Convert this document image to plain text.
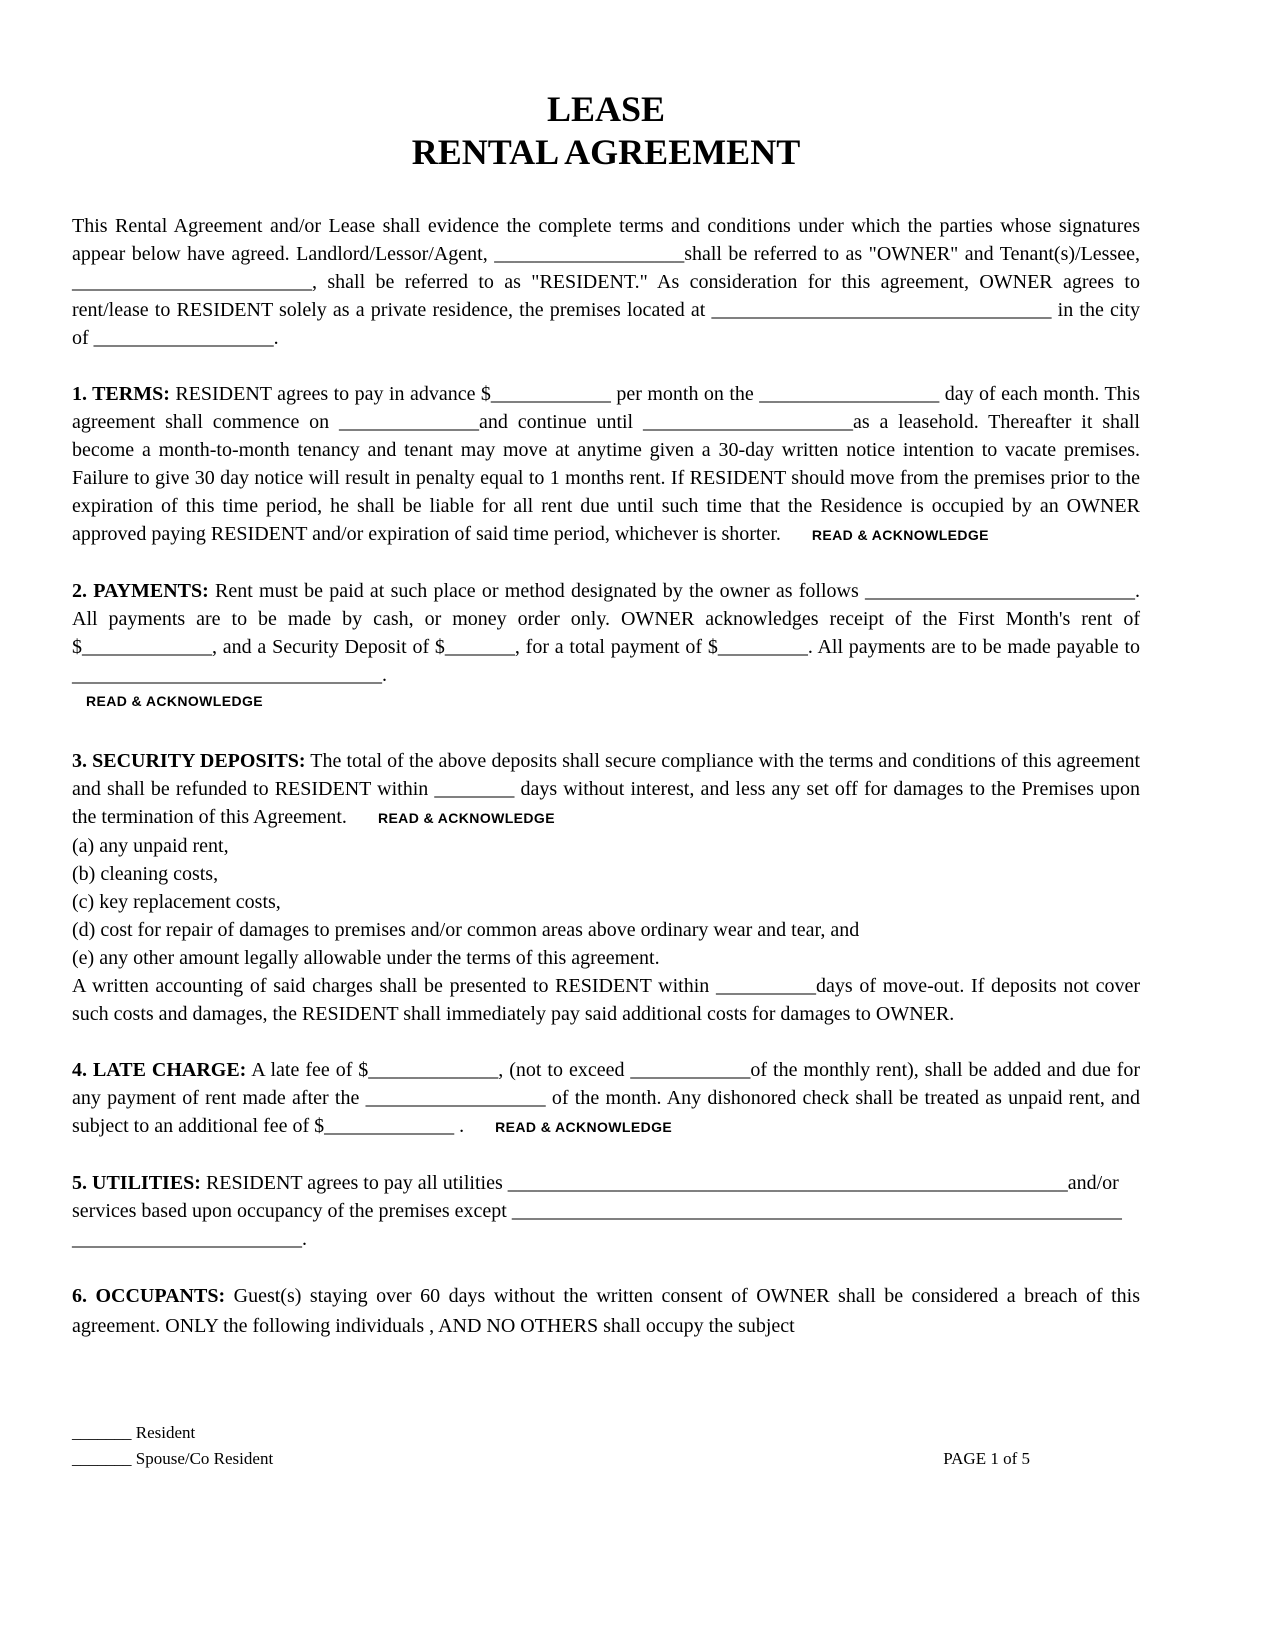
LEASE
RENTAL AGREEMENT

This Rental Agreement and/or Lease shall evidence the complete terms and conditions under which the parties whose signatures appear below have agreed. Landlord/Lessor/Agent, ___________________shall be referred to as "OWNER" and Tenant(s)/Lessee, ________________________, shall be referred to as "RESIDENT." As consideration for this agreement, OWNER agrees to rent/lease to RESIDENT solely as a private residence, the premises located at __________________________________ in the city of __________________.

1. TERMS: RESIDENT agrees to pay in advance $____________ per month on the __________________ day of each month. This agreement shall commence on ______________and continue until _____________________as a leasehold. Thereafter it shall become a month-to-month tenancy and tenant may move at anytime given a 30-day written notice intention to vacate premises. Failure to give 30 day notice will result in penalty equal to 1 months rent. If RESIDENT should move from the premises prior to the expiration of this time period, he shall be liable for all rent due until such time that the Residence is occupied by an OWNER approved paying RESIDENT and/or expiration of said time period, whichever is shorter. READ & ACKNOWLEDGE

2. PAYMENTS: Rent must be paid at such place or method designated by the owner as follows ___________________________. All payments are to be made by cash, or money order only. OWNER acknowledges receipt of the First Month's rent of $_____________, and a Security Deposit of $_______, for a total payment of $_________. All payments are to be made payable to _______________________________.

READ & ACKNOWLEDGE

3. SECURITY DEPOSITS: The total of the above deposits shall secure compliance with the terms and conditions of this agreement and shall be refunded to RESIDENT within ________ days without interest, and less any set off for damages to the Premises upon the termination of this Agreement. READ & ACKNOWLEDGE

(a) any unpaid rent,
(b) cleaning costs,
(c) key replacement costs,
(d) cost for repair of damages to premises and/or common areas above ordinary wear and tear, and
(e) any other amount legally allowable under the terms of this agreement.

A written accounting of said charges shall be presented to RESIDENT within __________days of move-out. If deposits not cover such costs and damages, the RESIDENT shall immediately pay said additional costs for damages to OWNER.

4. LATE CHARGE: A late fee of $_____________, (not to exceed ____________of the monthly rent), shall be added and due for any payment of rent made after the __________________ of the month. Any dishonored check shall be treated as unpaid rent, and subject to an additional fee of $_____________ . READ & ACKNOWLEDGE

5. UTILITIES: RESIDENT agrees to pay all utilities ________________________________________________________and/or
services based upon occupancy of the premises except _____________________________________________________________
_______________________.

6. OCCUPANTS: Guest(s) staying over 60 days without the written consent of OWNER shall be considered a breach of this agreement. ONLY the following individuals , AND NO OTHERS shall occupy the subject

_______ Resident
_______ Spouse/Co Resident	PAGE 1 of 5
